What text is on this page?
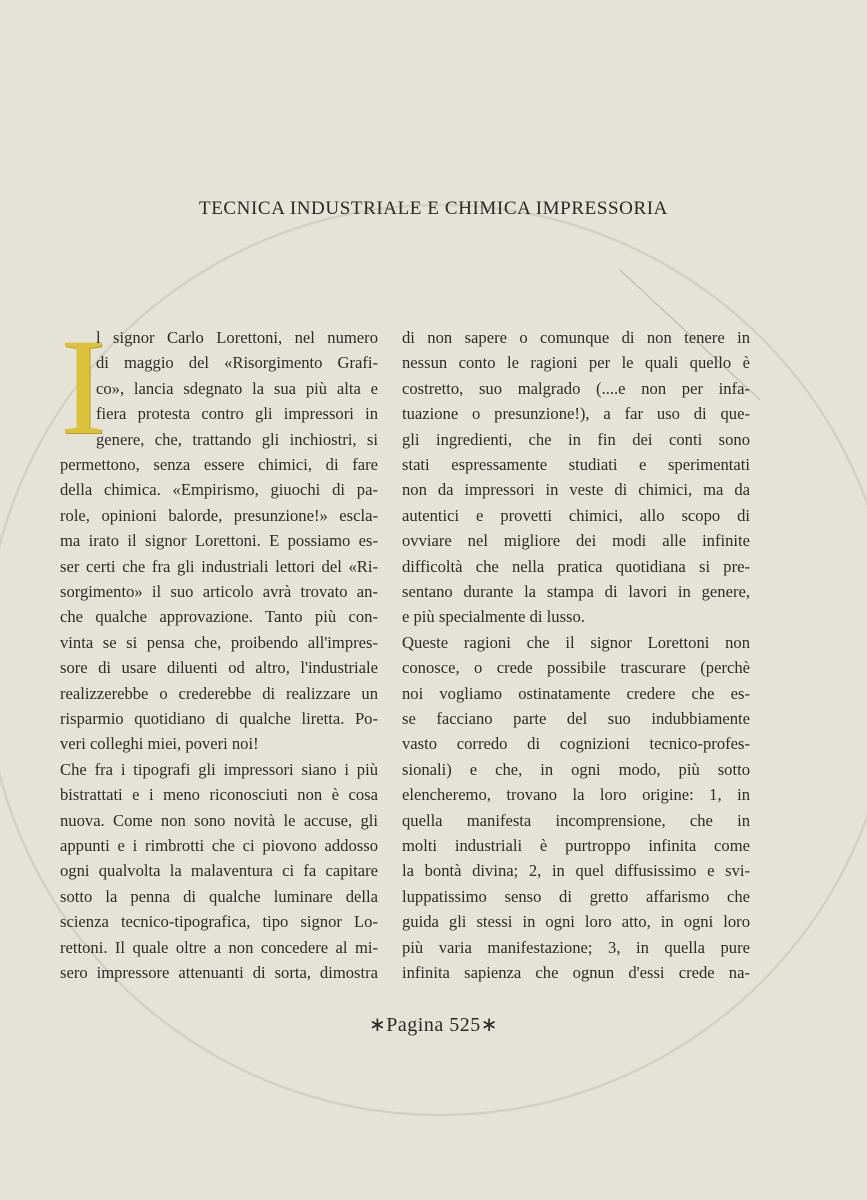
TECNICA INDUSTRIALE E CHIMICA IMPRESSORIA
I
l signor Carlo Lorettoni, nel numero
di maggio del «Risorgimento Grafi-
co», lancia sdegnato la sua più alta e
fiera protesta contro gli impressori in
genere, che, trattando gli inchiostri, si
permettono, senza essere chimici, di fare
della chimica. «Empirismo, giuochi di pa-
role, opinioni balorde, presunzione!» escla-
ma irato il signor Lorettoni. E possiamo es-
ser certi che fra gli industriali lettori del «Ri-
sorgimento» il suo articolo avrà trovato an-
che qualche approvazione. Tanto più con-
vinta se si pensa che, proibendo all'impres-
sore di usare diluenti od altro, l'industriale
realizzerebbe o crederebbe di realizzare un
risparmio quotidiano di qualche liretta. Po-
veri colleghi miei, poveri noi!
Che fra i tipografi gli impressori siano i più
bistrattati e i meno riconosciuti non è cosa
nuova. Come non sono novità le accuse, gli
appunti e i rimbrotti che ci piovono addosso
ogni qualvolta la malaventura ci fa capitare
sotto la penna di qualche luminare della
scienza tecnico-tipografica, tipo signor Lo-
rettoni. Il quale oltre a non concedere al mi-
sero impressore attenuanti di sorta, dimostra
di non sapere o comunque di non tenere in
nessun conto le ragioni per le quali quello è
costretto, suo malgrado (....e non per infa-
tuazione o presunzione!), a far uso di que-
gli ingredienti, che in fin dei conti sono
stati espressamente studiati e sperimentati
non da impressori in veste di chimici, ma da
autentici e provetti chimici, allo scopo di
ovviare nel migliore dei modi alle infinite
difficoltà che nella pratica quotidiana si pre-
sentano durante la stampa di lavori in genere,
e più specialmente di lusso.
Queste ragioni che il signor Lorettoni non
conosce, o crede possibile trascurare (perchè
noi vogliamo ostinatamente credere che es-
se facciano parte del suo indubbiamente
vasto corredo di cognizioni tecnico-profes-
sionali) e che, in ogni modo, più sotto
elencheremo, trovano la loro origine: 1, in
quella manifesta incomprensione, che in
molti industriali è purtroppo infinita come
la bontà divina; 2, in quel diffusissimo e svi-
luppatissimo senso di gretto affarismo che
guida gli stessi in ogni loro atto, in ogni loro
più varia manifestazione; 3, in quella pure
infinita sapienza che ognun d'essi crede na-
∗Pagina 525∗
